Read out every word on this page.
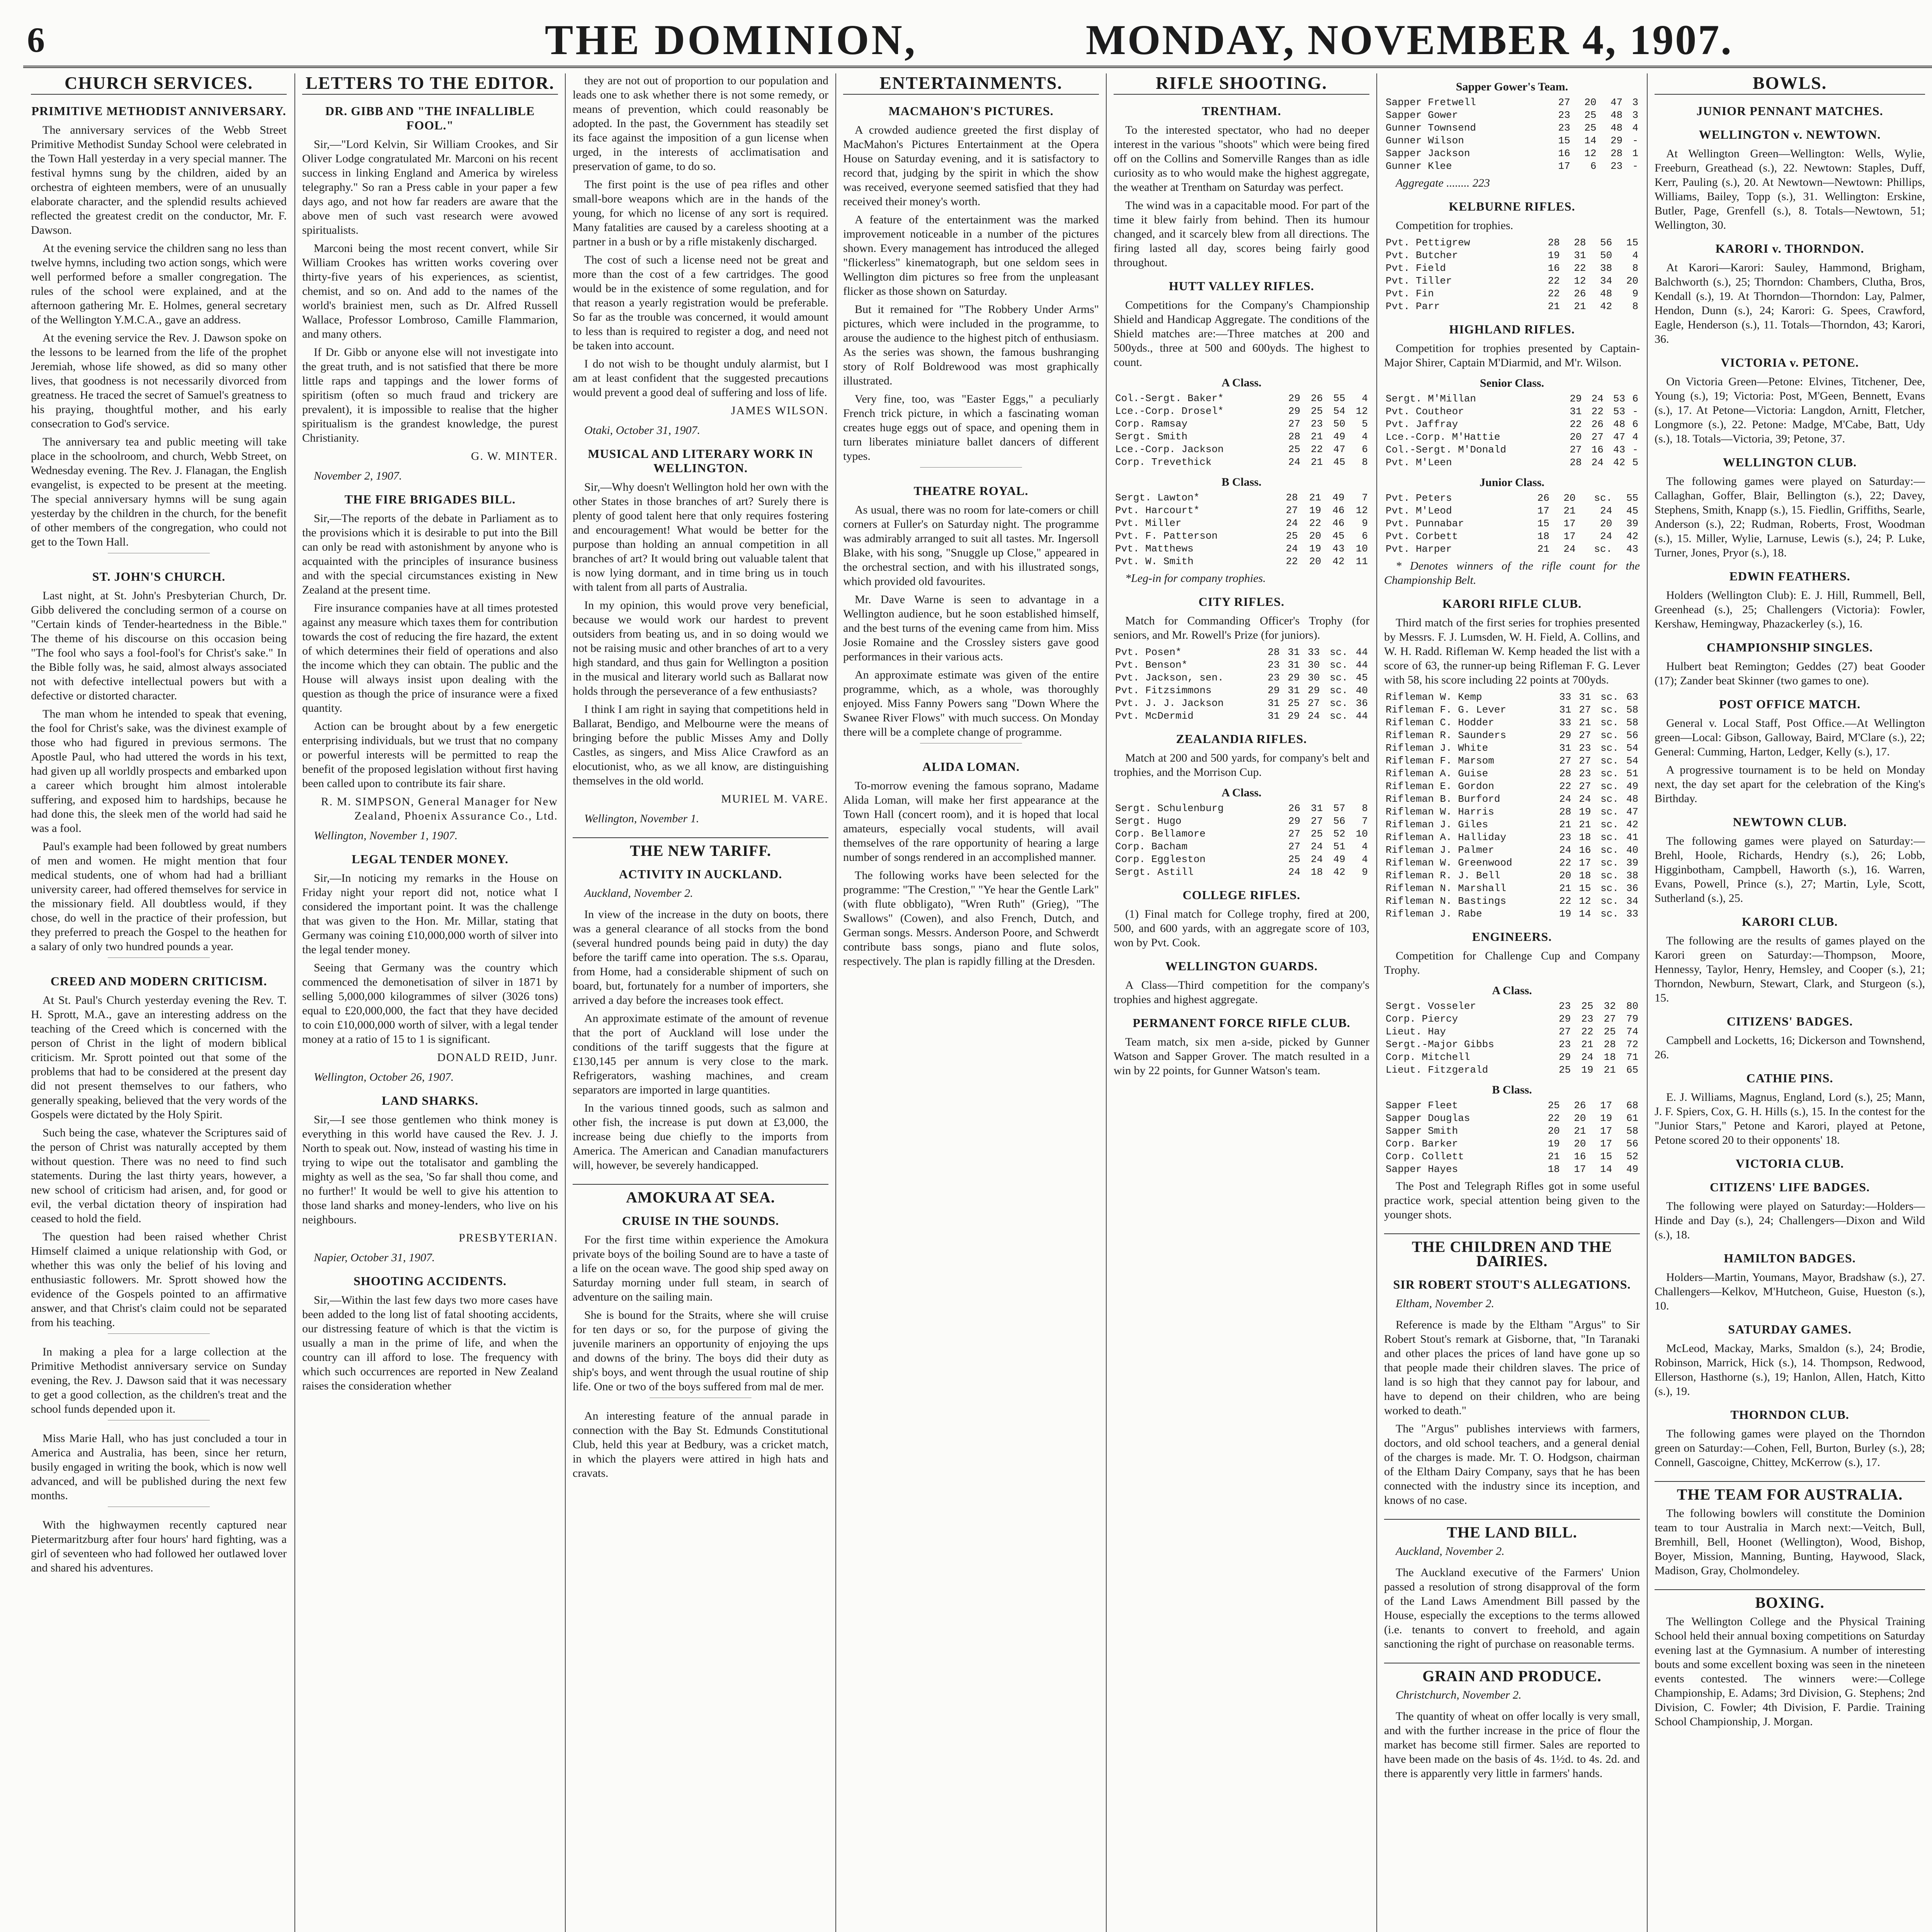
6	THE DOMINION,	MONDAY, NOVEMBER 4, 1907.
CHURCH SERVICES.
PRIMITIVE METHODIST ANNIVERSARY.

The anniversary services of the Webb Street Primitive Methodist Sunday School were celebrated in the Town Hall yesterday in a very special manner. The festival hymns sung by the children, aided by an orchestra of eighteen members, were of an unusually elaborate character, and the splendid results achieved reflected the greatest credit on the conductor, Mr. F. Dawson.

At the evening service the children sang no less than twelve hymns, including two action songs, which were well performed before a smaller congregation. The rules of the school were explained, and at the afternoon gathering Mr. E. Holmes, general secretary of the Wellington Y.M.C.A., gave an address.

At the evening service the Rev. J. Dawson spoke on the lessons to be learned from the life of the prophet Jeremiah, whose life showed, as did so many other lives, that goodness is not necessarily divorced from greatness. He traced the secret of Samuel's greatness to his praying, thoughtful mother, and his early consecration to God's service.

The anniversary tea and public meeting will take place in the schoolroom, and church, Webb Street, on Wednesday evening. The Rev. J. Flanagan, the English evangelist, is expected to be present at the meeting. The special anniversary hymns will be sung again yesterday by the children in the church, for the benefit of other members of the congregation, who could not get to the Town Hall.

ST. JOHN'S CHURCH.

Last night, at St. John's Presbyterian Church, Dr. Gibb delivered the concluding sermon of a course on "Certain kinds of Tender-heartedness in the Bible." The theme of his discourse on this occasion being "The fool who says a fool-fool's for Christ's sake." In the Bible folly was, he said, almost always associated not with defective intellectual powers but with a defective or distorted character.

The man whom he intended to speak that evening, the fool for Christ's sake, was the divinest example of those who had figured in previous sermons. The Apostle Paul, who had uttered the words in his text, had given up all worldly prospects and embarked upon a career which brought him almost intolerable suffering, and exposed him to hardships, because he had done this, the sleek men of the world had said he was a fool.

Paul's example had been followed by great numbers of men and women. He might mention that four medical students, one of whom had had a brilliant university career, had offered themselves for service in the missionary field. All doubtless would, if they chose, do well in the practice of their profession, but they preferred to preach the Gospel to the heathen for a salary of only two hundred pounds a year.

CREED AND MODERN CRITICISM.

At St. Paul's Church yesterday evening the Rev. T. H. Sprott, M.A., gave an interesting address on the teaching of the Creed which is concerned with the person of Christ in the light of modern biblical criticism. Mr. Sprott pointed out that some of the problems that had to be considered at the present day did not present themselves to our fathers, who generally speaking, believed that the very words of the Gospels were dictated by the Holy Spirit.

Such being the case, whatever the Scriptures said of the person of Christ was naturally accepted by them without question. There was no need to find such statements. During the last thirty years, however, a new school of criticism had arisen, and, for good or evil, the verbal dictation theory of inspiration had ceased to hold the field.

The question had been raised whether Christ Himself claimed a unique relationship with God, or whether this was only the belief of his loving and enthusiastic followers. Mr. Sprott showed how the evidence of the Gospels pointed to an affirmative answer, and that Christ's claim could not be separated from his teaching.

In making a plea for a large collection at the Primitive Methodist anniversary service on Sunday evening, the Rev. J. Dawson said that it was necessary to get a good collection, as the children's treat and the school funds depended upon it.

Miss Marie Hall, who has just concluded a tour in America and Australia, has been, since her return, busily engaged in writing the book, which is now well advanced, and will be published during the next few months.

With the highwaymen recently captured near Pietermaritzburg after four hours' hard fighting, was a girl of seventeen who had followed her outlawed lover and shared his adventures.

LETTERS TO THE EDITOR.
DR. GIBB AND "THE INFALLIBLE FOOL."

Sir,—"Lord Kelvin, Sir William Crookes, and Sir Oliver Lodge congratulated Mr. Marconi on his recent success in linking England and America by wireless telegraphy." So ran a Press cable in your paper a few days ago, and not how far readers are aware that the above men of such vast research were avowed spiritualists.

Marconi being the most recent convert, while Sir William Crookes has written works covering over thirty-five years of his experiences, as scientist, chemist, and so on. And add to the names of the world's brainiest men, such as Dr. Alfred Russell Wallace, Professor Lombroso, Camille Flammarion, and many others.

If Dr. Gibb or anyone else will not investigate into the great truth, and is not satisfied that there be more little raps and tappings and the lower forms of spiritism (often so much fraud and trickery are prevalent), it is impossible to realise that the higher spiritualism is the grandest knowledge, the purest Christianity.

G. W. MINTER.
November 2, 1907.
THE FIRE BRIGADES BILL.

Sir,—The reports of the debate in Parliament as to the provisions which it is desirable to put into the Bill can only be read with astonishment by anyone who is acquainted with the principles of insurance business and with the special circumstances existing in New Zealand at the present time.

Fire insurance companies have at all times protested against any measure which taxes them for contribution towards the cost of reducing the fire hazard, the extent of which determines their field of operations and also the income which they can obtain. The public and the House will always insist upon dealing with the question as though the price of insurance were a fixed quantity.

Action can be brought about by a few energetic enterprising individuals, but we trust that no company or powerful interests will be permitted to reap the benefit of the proposed legislation without first having been called upon to contribute its fair share.

R. M. SIMPSON, General Manager for New Zealand, Phoenix Assurance Co., Ltd.
Wellington, November 1, 1907.
LEGAL TENDER MONEY.

Sir,—In noticing my remarks in the House on Friday night your report did not, notice what I considered the important point. It was the challenge that was given to the Hon. Mr. Millar, stating that Germany was coining £10,000,000 worth of silver into the legal tender money.

Seeing that Germany was the country which commenced the demonetisation of silver in 1871 by selling 5,000,000 kilogrammes of silver (3026 tons) equal to £20,000,000, the fact that they have decided to coin £10,000,000 worth of silver, with a legal tender money at a ratio of 15 to 1 is significant.

DONALD REID, Junr.
Wellington, October 26, 1907.
LAND SHARKS.

Sir,—I see those gentlemen who think money is everything in this world have caused the Rev. J. J. North to speak out. Now, instead of wasting his time in trying to wipe out the totalisator and gambling the mighty as well as the sea, 'So far shall thou come, and no further!' It would be well to give his attention to those land sharks and money-lenders, who live on his neighbours.

PRESBYTERIAN.
Napier, October 31, 1907.
SHOOTING ACCIDENTS.

Sir,—Within the last few days two more cases have been added to the long list of fatal shooting accidents, our distressing feature of which is that the victim is usually a man in the prime of life, and when the country can ill afford to lose. The frequency with which such occurrences are reported in New Zealand raises the consideration whether

they are not out of proportion to our population and leads one to ask whether there is not some remedy, or means of prevention, which could reasonably be adopted. In the past, the Government has steadily set its face against the imposition of a gun license when urged, in the interests of acclimatisation and preservation of game, to do so.

The first point is the use of pea rifles and other small-bore weapons which are in the hands of the young, for which no license of any sort is required. Many fatalities are caused by a careless shooting at a partner in a bush or by a rifle mistakenly discharged.

The cost of such a license need not be great and more than the cost of a few cartridges. The good would be in the existence of some regulation, and for that reason a yearly registration would be preferable. So far as the trouble was concerned, it would amount to less than is required to register a dog, and need not be taken into account.

I do not wish to be thought unduly alarmist, but I am at least confident that the suggested precautions would prevent a good deal of suffering and loss of life.

JAMES WILSON.
Otaki, October 31, 1907.
MUSICAL AND LITERARY WORK IN WELLINGTON.

Sir,—Why doesn't Wellington hold her own with the other States in those branches of art? Surely there is plenty of good talent here that only requires fostering and encouragement! What would be better for the purpose than holding an annual competition in all branches of art? It would bring out valuable talent that is now lying dormant, and in time bring us in touch with talent from all parts of Australia.

In my opinion, this would prove very beneficial, because we would work our hardest to prevent outsiders from beating us, and in so doing would we not be raising music and other branches of art to a very high standard, and thus gain for Wellington a position in the musical and literary world such as Ballarat now holds through the perseverance of a few enthusiasts?

I think I am right in saying that competitions held in Ballarat, Bendigo, and Melbourne were the means of bringing before the public Misses Amy and Dolly Castles, as singers, and Miss Alice Crawford as an elocutionist, who, as we all know, are distinguishing themselves in the old world.

MURIEL M. VARE.
Wellington, November 1.
THE NEW TARIFF.
ACTIVITY IN AUCKLAND.
Auckland, November 2.

In view of the increase in the duty on boots, there was a general clearance of all stocks from the bond (several hundred pounds being paid in duty) the day before the tariff came into operation. The s.s. Oparau, from Home, had a considerable shipment of such on board, but, fortunately for a number of importers, she arrived a day before the increases took effect.

An approximate estimate of the amount of revenue that the port of Auckland will lose under the conditions of the tariff suggests that the figure at £130,145 per annum is very close to the mark. Refrigerators, washing machines, and cream separators are imported in large quantities.

In the various tinned goods, such as salmon and other fish, the increase is put down at £3,000, the increase being due chiefly to the imports from America. The American and Canadian manufacturers will, however, be severely handicapped.

AMOKURA AT SEA.
CRUISE IN THE SOUNDS.

For the first time within experience the Amokura private boys of the boiling Sound are to have a taste of a life on the ocean wave. The good ship sped away on Saturday morning under full steam, in search of adventure on the sailing main.

She is bound for the Straits, where she will cruise for ten days or so, for the purpose of giving the juvenile mariners an opportunity of enjoying the ups and downs of the briny. The boys did their duty as ship's boys, and went through the usual routine of ship life. One or two of the boys suffered from mal de mer.

An interesting feature of the annual parade in connection with the Bay St. Edmunds Constitutional Club, held this year at Bedbury, was a cricket match, in which the players were attired in high hats and cravats.

ENTERTAINMENTS.
MACMAHON'S PICTURES.

A crowded audience greeted the first display of MacMahon's Pictures Entertainment at the Opera House on Saturday evening, and it is satisfactory to record that, judging by the spirit in which the show was received, everyone seemed satisfied that they had received their money's worth.

A feature of the entertainment was the marked improvement noticeable in a number of the pictures shown. Every management has introduced the alleged "flickerless" kinematograph, but one seldom sees in Wellington dim pictures so free from the unpleasant flicker as those shown on Saturday.

But it remained for "The Robbery Under Arms" pictures, which were included in the programme, to arouse the audience to the highest pitch of enthusiasm. As the series was shown, the famous bushranging story of Rolf Boldrewood was most graphically illustrated.

Very fine, too, was "Easter Eggs," a peculiarly French trick picture, in which a fascinating woman creates huge eggs out of space, and opening them in turn liberates miniature ballet dancers of different types.

THEATRE ROYAL.

As usual, there was no room for late-comers or chill corners at Fuller's on Saturday night. The programme was admirably arranged to suit all tastes. Mr. Ingersoll Blake, with his song, "Snuggle up Close," appeared in the orchestral section, and with his illustrated songs, which provided old favourites.

Mr. Dave Warne is seen to advantage in a Wellington audience, but he soon established himself, and the best turns of the evening came from him. Miss Josie Romaine and the Crossley sisters gave good performances in their various acts.

An approximate estimate was given of the entire programme, which, as a whole, was thoroughly enjoyed. Miss Fanny Powers sang "Down Where the Swanee River Flows" with much success. On Monday there will be a complete change of programme.

ALIDA LOMAN.

To-morrow evening the famous soprano, Madame Alida Loman, will make her first appearance at the Town Hall (concert room), and it is hoped that local amateurs, especially vocal students, will avail themselves of the rare opportunity of hearing a large number of songs rendered in an accomplished manner.

The following works have been selected for the programme: "The Crestion," "Ye hear the Gentle Lark" (with flute obbligato), "Wren Ruth" (Grieg), "The Swallows" (Cowen), and also French, Dutch, and German songs. Messrs. Anderson Poore, and Schwerdt contribute bass songs, piano and flute solos, respectively. The plan is rapidly filling at the Dresden.

RIFLE SHOOTING.
TRENTHAM.

To the interested spectator, who had no deeper interest in the various "shoots" which were being fired off on the Collins and Somerville Ranges than as idle curiosity as to who would make the highest aggregate, the weather at Trentham on Saturday was perfect.

The wind was in a capacitable mood. For part of the time it blew fairly from behind. Then its humour changed, and it scarcely blew from all directions. The firing lasted all day, scores being fairly good throughout.

HUTT VALLEY RIFLES.

Competitions for the Company's Championship Shield and Handicap Aggregate. The conditions of the Shield matches are:—Three matches at 200 and 500yds., three at 500 and 600yds. The highest to count.

A Class.
Col.-Sergt. Baker*	29	26	55	4
Lce.-Corp. Drosel*	29	25	54	12
Corp. Ramsay	27	23	50	5
Sergt. Smith	28	21	49	4
Lce.-Corp. Jackson	25	22	47	6
Corp. Trevethick	24	21	45	8
B Class.
Sergt. Lawton*	28	21	49	7
Pvt. Harcourt*	27	19	46	12
Pvt. Miller	24	22	46	9
Pvt. F. Patterson	25	20	45	6
Pvt. Matthews	24	19	43	10
Pvt. W. Smith	22	20	42	11
*Leg-in for company trophies.
CITY RIFLES.

Match for Commanding Officer's Trophy (for seniors, and Mr. Rowell's Prize (for juniors).

Pvt. Posen*	28	31	33	sc.	44
Pvt. Benson*	23	31	30	sc.	44
Pvt. Jackson, sen.	23	29	30	sc.	45
Pvt. Fitzsimmons	29	31	29	sc.	40
Pvt. J. J. Jackson	31	25	27	sc.	36
Pvt. McDermid	31	29	24	sc.	44
ZEALANDIA RIFLES.

Match at 200 and 500 yards, for company's belt and trophies, and the Morrison Cup.

A Class.
Sergt. Schulenburg	26	31	57	8
Sergt. Hugo	29	27	56	7
Corp. Bellamore	27	25	52	10
Corp. Bacham	27	24	51	4
Corp. Eggleston	25	24	49	4
Sergt. Astill	24	18	42	9
COLLEGE RIFLES.

(1) Final match for College trophy, fired at 200, 500, and 600 yards, with an aggregate score of 103, won by Pvt. Cook.

WELLINGTON GUARDS.

A Class—Third competition for the company's trophies and highest aggregate.

PERMANENT FORCE RIFLE CLUB.

Team match, six men a-side, picked by Gunner Watson and Sapper Grover. The match resulted in a win by 22 points, for Gunner Watson's team.

Sapper Gower's Team.
Sapper Fretwell	27	20	47	3
Sapper Gower	23	25	48	3
Gunner Townsend	23	25	48	4
Gunner Wilson	15	14	29	-
Sapper Jackson	16	12	28	1
Gunner Klee	17	6	23	-
Aggregate ........ 223
KELBURNE RIFLES.

Competition for trophies.

Pvt. Pettigrew	28	28	56	15
Pvt. Butcher	19	31	50	4
Pvt. Field	16	22	38	8
Pvt. Tiller	22	12	34	20
Pvt. Fin	22	26	48	9
Pvt. Parr	21	21	42	8
HIGHLAND RIFLES.

Competition for trophies presented by Captain-Major Shirer, Captain M'Diarmid, and M'r. Wilson.

Senior Class.
Sergt. M'Millan	29	24	53	6
Pvt. Coutheor	31	22	53	-
Pvt. Jaffray	22	26	48	6
Lce.-Corp. M'Hattie	20	27	47	4
Col.-Sergt. M'Donald	27	16	43	-
Pvt. M'Leen	28	24	42	5
Junior Class.
Pvt. Peters	26	20	sc.	55
Pvt. M'Leod	17	21	24	45
Pvt. Punnabar	15	17	20	39
Pvt. Corbett	18	17	24	42
Pvt. Harper	21	24	sc.	43
* Denotes winners of the rifle count for the Championship Belt.
KARORI RIFLE CLUB.

Third match of the first series for trophies presented by Messrs. F. J. Lumsden, W. H. Field, A. Collins, and W. H. Radd. Rifleman W. Kemp headed the list with a score of 63, the runner-up being Rifleman F. G. Lever with 58, his score including 22 points at 700yds.

Rifleman W. Kemp	33	31	sc.	63
Rifleman F. G. Lever	31	27	sc.	58
Rifleman C. Hodder	33	21	sc.	58
Rifleman R. Saunders	29	27	sc.	56
Rifleman J. White	31	23	sc.	54
Rifleman F. Marsom	27	27	sc.	54
Rifleman A. Guise	28	23	sc.	51
Rifleman E. Gordon	22	27	sc.	49
Rifleman B. Burford	24	24	sc.	48
Rifleman W. Harris	28	19	sc.	47
Rifleman J. Giles	21	21	sc.	42
Rifleman A. Halliday	23	18	sc.	41
Rifleman J. Palmer	24	16	sc.	40
Rifleman W. Greenwood	22	17	sc.	39
Rifleman R. J. Bell	20	18	sc.	38
Rifleman N. Marshall	21	15	sc.	36
Rifleman N. Bastings	22	12	sc.	34
Rifleman J. Rabe	19	14	sc.	33
ENGINEERS.

Competition for Challenge Cup and Company Trophy.

A Class.
Sergt. Vosseler	23	25	32	80
Corp. Piercy	29	23	27	79
Lieut. Hay	27	22	25	74
Sergt.-Major Gibbs	23	21	28	72
Corp. Mitchell	29	24	18	71
Lieut. Fitzgerald	25	19	21	65
B Class.
Sapper Fleet	25	26	17	68
Sapper Douglas	22	20	19	61
Sapper Smith	20	21	17	58
Corp. Barker	19	20	17	56
Corp. Collett	21	16	15	52
Sapper Hayes	18	17	14	49

The Post and Telegraph Rifles got in some useful practice work, special attention being given to the younger shots.

THE CHILDREN AND THE DAIRIES.
SIR ROBERT STOUT'S ALLEGATIONS.
Eltham, November 2.

Reference is made by the Eltham "Argus" to Sir Robert Stout's remark at Gisborne, that, "In Taranaki and other places the prices of land have gone up so that people made their children slaves. The price of land is so high that they cannot pay for labour, and have to depend on their children, who are being worked to death."

The "Argus" publishes interviews with farmers, doctors, and old school teachers, and a general denial of the charges is made. Mr. T. O. Hodgson, chairman of the Eltham Dairy Company, says that he has been connected with the industry since its inception, and knows of no case.

THE LAND BILL.
Auckland, November 2.

The Auckland executive of the Farmers' Union passed a resolution of strong disapproval of the form of the Land Laws Amendment Bill passed by the House, especially the exceptions to the terms allowed (i.e. tenants to convert to freehold, and again sanctioning the right of purchase on reasonable terms.

GRAIN AND PRODUCE.
Christchurch, November 2.

The quantity of wheat on offer locally is very small, and with the further increase in the price of flour the market has become still firmer. Sales are reported to have been made on the basis of 4s. 1½d. to 4s. 2d. and there is apparently very little in farmers' hands.

BOWLS.
JUNIOR PENNANT MATCHES.
WELLINGTON v. NEWTOWN.

At Wellington Green—Wellington: Wells, Wylie, Freeburn, Greathead (s.), 22. Newtown: Staples, Duff, Kerr, Pauling (s.), 20. At Newtown—Newtown: Phillips, Williams, Bailey, Topp (s.), 31. Wellington: Erskine, Butler, Page, Grenfell (s.), 8. Totals—Newtown, 51; Wellington, 30.

KARORI v. THORNDON.

At Karori—Karori: Sauley, Hammond, Brigham, Balchworth (s.), 25; Thorndon: Chambers, Clutha, Bros, Kendall (s.), 19. At Thorndon—Thorndon: Lay, Palmer, Hendon, Dunn (s.), 24; Karori: G. Spees, Crawford, Eagle, Henderson (s.), 11. Totals—Thorndon, 43; Karori, 36.

VICTORIA v. PETONE.

On Victoria Green—Petone: Elvines, Titchener, Dee, Young (s.), 19; Victoria: Post, M'Geen, Bennett, Evans (s.), 17. At Petone—Victoria: Langdon, Arnitt, Fletcher, Longmore (s.), 22. Petone: Madge, M'Cabe, Batt, Udy (s.), 18. Totals—Victoria, 39; Petone, 37.

WELLINGTON CLUB.

The following games were played on Saturday:—Callaghan, Goffer, Blair, Bellington (s.), 22; Davey, Stephens, Smith, Knapp (s.), 15. Fiedlin, Griffiths, Searle, Anderson (s.), 22; Rudman, Roberts, Frost, Woodman (s.), 15. Miller, Wylie, Larnuse, Lewis (s.), 24; P. Luke, Turner, Jones, Pryor (s.), 18.

EDWIN FEATHERS.

Holders (Wellington Club): E. J. Hill, Rummell, Bell, Greenhead (s.), 25; Challengers (Victoria): Fowler, Kershaw, Hemingway, Phazackerley (s.), 16.

CHAMPIONSHIP SINGLES.

Hulbert beat Remington; Geddes (27) beat Gooder (17); Zander beat Skinner (two games to one).

POST OFFICE MATCH.

General v. Local Staff, Post Office.—At Wellington green—Local: Gibson, Galloway, Baird, M'Clare (s.), 22; General: Cumming, Harton, Ledger, Kelly (s.), 17.

A progressive tournament is to be held on Monday next, the day set apart for the celebration of the King's Birthday.

NEWTOWN CLUB.

The following games were played on Saturday:—Brehl, Hoole, Richards, Hendry (s.), 26; Lobb, Higginbotham, Campbell, Haworth (s.), 16. Warren, Evans, Powell, Prince (s.), 27; Martin, Lyle, Scott, Sutherland (s.), 25.

KARORI CLUB.

The following are the results of games played on the Karori green on Saturday:—Thompson, Moore, Hennessy, Taylor, Henry, Hemsley, and Cooper (s.), 21; Thorndon, Newburn, Stewart, Clark, and Sturgeon (s.), 15.

CITIZENS' BADGES.

Campbell and Locketts, 16; Dickerson and Townshend, 26.

CATHIE PINS.

E. J. Williams, Magnus, England, Lord (s.), 25; Mann, J. F. Spiers, Cox, G. H. Hills (s.), 15. In the contest for the "Junior Stars," Petone and Karori, played at Petone, Petone scored 20 to their opponents' 18.

VICTORIA CLUB.
CITIZENS' LIFE BADGES.

The following were played on Saturday:—Holders—Hinde and Day (s.), 24; Challengers—Dixon and Wild (s.), 18.

HAMILTON BADGES.

Holders—Martin, Youmans, Mayor, Bradshaw (s.), 27. Challengers—Kelkov, M'Hutcheon, Guise, Hueston (s.), 10.

SATURDAY GAMES.

McLeod, Mackay, Marks, Smaldon (s.), 24; Brodie, Robinson, Marrick, Hick (s.), 14. Thompson, Redwood, Ellerson, Hasthorne (s.), 19; Hanlon, Allen, Hatch, Kitto (s.), 19.

THORNDON CLUB.

The following games were played on the Thorndon green on Saturday:—Cohen, Fell, Burton, Burley (s.), 28; Connell, Gascoigne, Chittey, McKerrow (s.), 17.

THE TEAM FOR AUSTRALIA.

The following bowlers will constitute the Dominion team to tour Australia in March next:—Veitch, Bull, Bremhill, Bell, Hoonet (Wellington), Wood, Bishop, Boyer, Mission, Manning, Bunting, Haywood, Slack, Madison, Gray, Cholmondeley.

BOXING.

The Wellington College and the Physical Training School held their annual boxing competitions on Saturday evening last at the Gymnasium. A number of interesting bouts and some excellent boxing was seen in the nineteen events contested. The winners were:—College Championship, E. Adams; 3rd Division, G. Stephens; 2nd Division, C. Fowler; 4th Division, F. Pardie. Training School Championship, J. Morgan.
